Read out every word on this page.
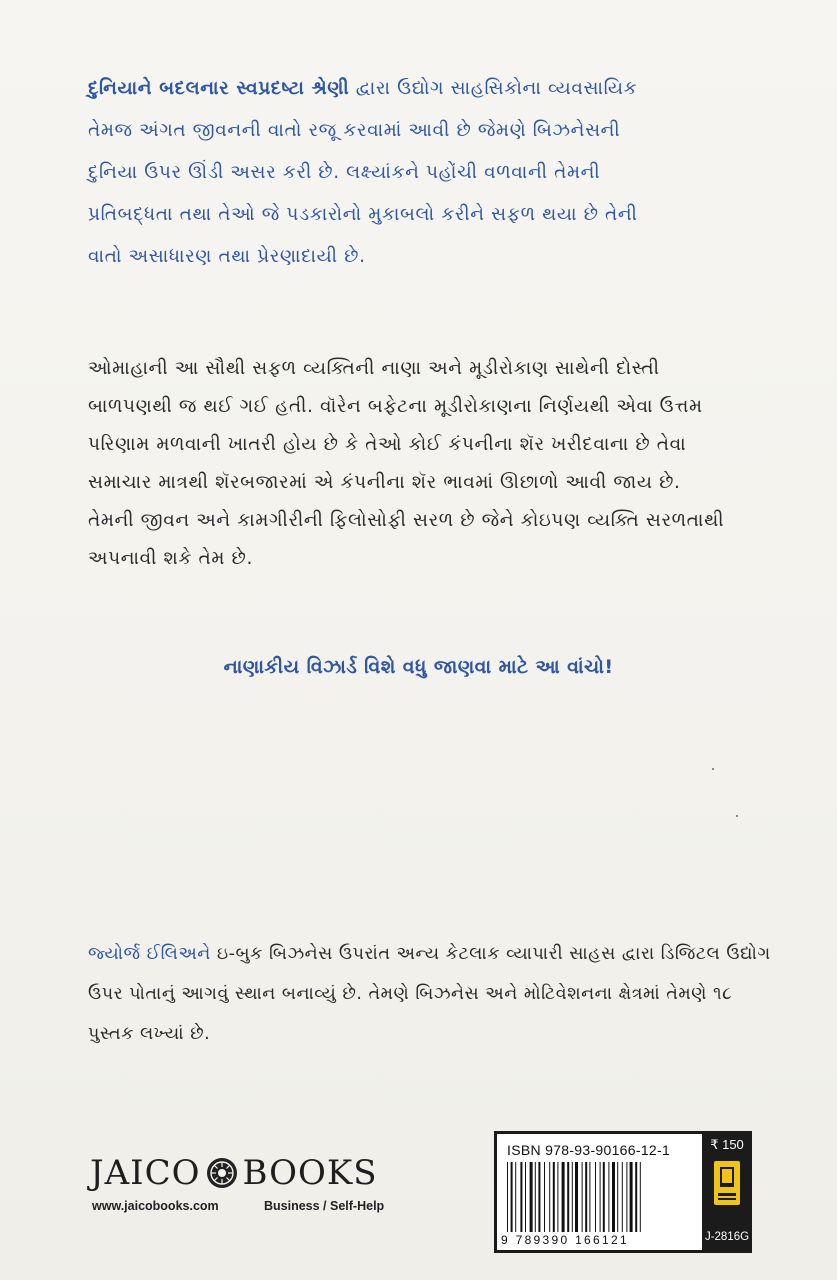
દુનિયાને બદલનાર સ્વપ્રદષ્ટા શ્રેણી દ્વારા ઉદ્યોગ સાહસિકોના વ્યવસાયિક
તેમજ અંગત જીવનની વાતો રજૂ કરવામાં આવી છે જેમણે બિઝનેસની
દુનિયા ઉપર ઊંડી અસર કરી છે. લક્ષ્યાંકને પહોંચી વળવાની તેમની
પ્રતિબદ્ધતા તથા તેઓ જે પડકારોનો મુકાબલો કરીને સફળ થયા છે તેની
વાતો અસાધારણ તથા પ્રેરણાદાયી છે.

ઓમાહાની આ સૌથી સફળ વ્યક્તિની નાણા અને મૂડીરોકાણ સાથેની દોસ્તી
બાળપણથી જ થઈ ગઈ હતી. વૉરેન બફેટના મૂડીરોકાણના નિર્ણયથી એવા ઉત્તમ
પરિણામ મળવાની ખાતરી હોય છે કે તેઓ કોઈ કંપનીના શૅર ખરીદવાના છે તેવા
સમાચાર માત્રથી શૅરબજારમાં એ કંપનીના શૅર ભાવમાં ઊછાળો આવી જાય છે.
તેમની જીવન અને કામગીરીની ફિલોસોફી સરળ છે જેને કોઇપણ વ્યક્તિ સરળતાથી
અપનાવી શકે તેમ છે.

નાણાકીય વિઝાર્ડ વિશે વધુ જાણવા માટે આ વાંચો!

જ્યોર્જ ઈલિઅને ઇ-બુક બિઝનેસ ઉપરાંત અન્ય કેટલાક વ્યાપારી સાહસ દ્વારા ડિજિટલ ઉદ્યોગ
ઉપર પોતાનું આગવું સ્થાન બનાવ્યું છે. તેમણે બિઝનેસ અને મોટિવેશનના ક્ષેત્રમાં તેમણે ૧૮
પુસ્તક લખ્યાં છે.

JAICO BOOKS
www.jaicobooks.com	Business / Self-Help
ISBN 978-93-90166-12-1
9 789390 166121
₹ 150
J-2816G
